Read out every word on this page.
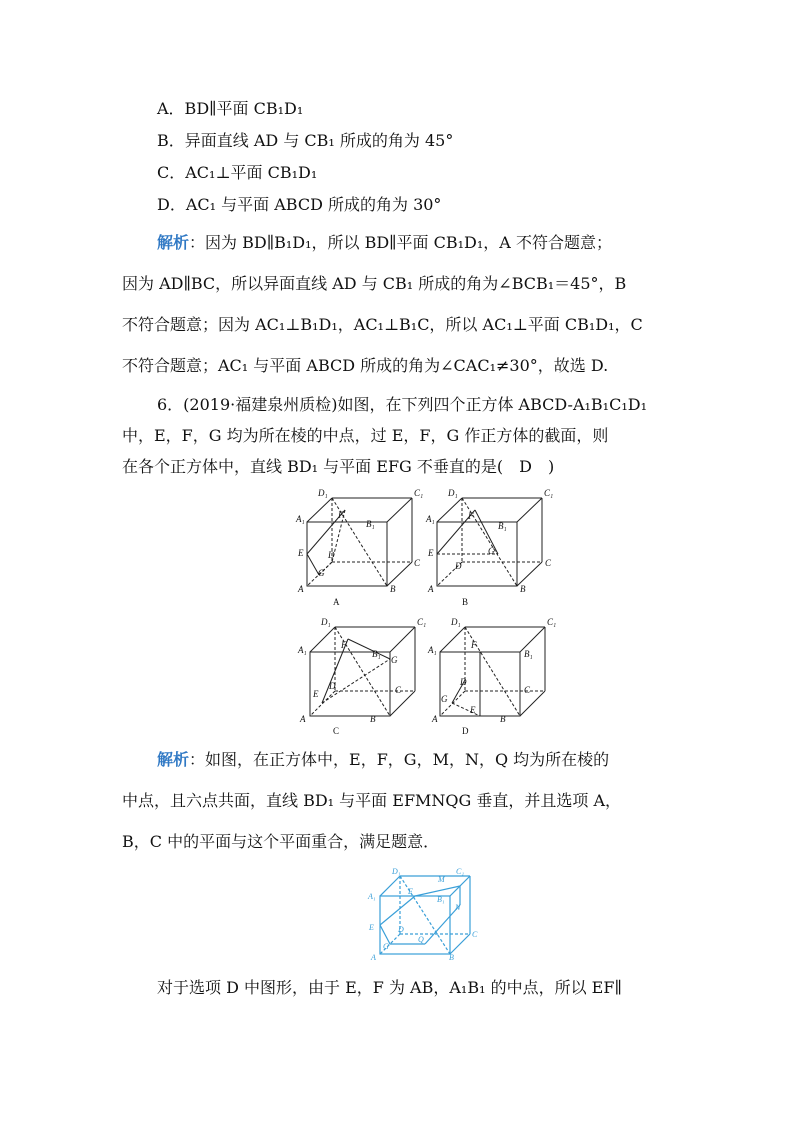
A．BD∥平面 CB₁D₁
B．异面直线 AD 与 CB₁ 所成的角为 45°
C．AC₁⊥平面 CB₁D₁
D．AC₁ 与平面 ABCD 所成的角为 30°
解析：因为 BD∥B₁D₁，所以 BD∥平面 CB₁D₁，A 不符合题意；
因为 AD∥BC，所以异面直线 AD 与 CB₁ 所成的角为∠BCB₁＝45°，B
不符合题意；因为 AC₁⊥B₁D₁，AC₁⊥B₁C，所以 AC₁⊥平面 CB₁D₁，C
不符合题意；AC₁ 与平面 ABCD 所成的角为∠CAC₁≠30°，故选 D.
6．(2019·福建泉州质检)如图，在下列四个正方体 ABCD-A₁B₁C₁D₁
中，E，F，G 均为所在棱的中点，过 E，F，G 作正方体的截面，则
在各个正方体中，直线 BD₁ 与平面 EFG 不垂直的是(　D　)
D₁	C₁
A₁	B₁
F
E	D
G
C
A	B
A
D₁	C₁
A₁
B₁
F
E	G
D	C
A	B
B
D₁	C₁
A₁	B₁
F
G
D
E	C
A	B
C
D₁	C₁
A₁	B₁
F
D
G
E
C
A	B
D
解析：如图，在正方体中，E，F，G，M，N，Q 均为所在棱的
中点，且六点共面，直线 BD₁ 与平面 EFMNQG 垂直，并且选项 A，
B，C 中的平面与这个平面重合，满足题意．
D₁	C₁
M
A₁
F
B₁
N
E	D
C
G
Q
A	B
对于选项 D 中图形，由于 E，F 为 AB，A₁B₁ 的中点，所以 EF∥
